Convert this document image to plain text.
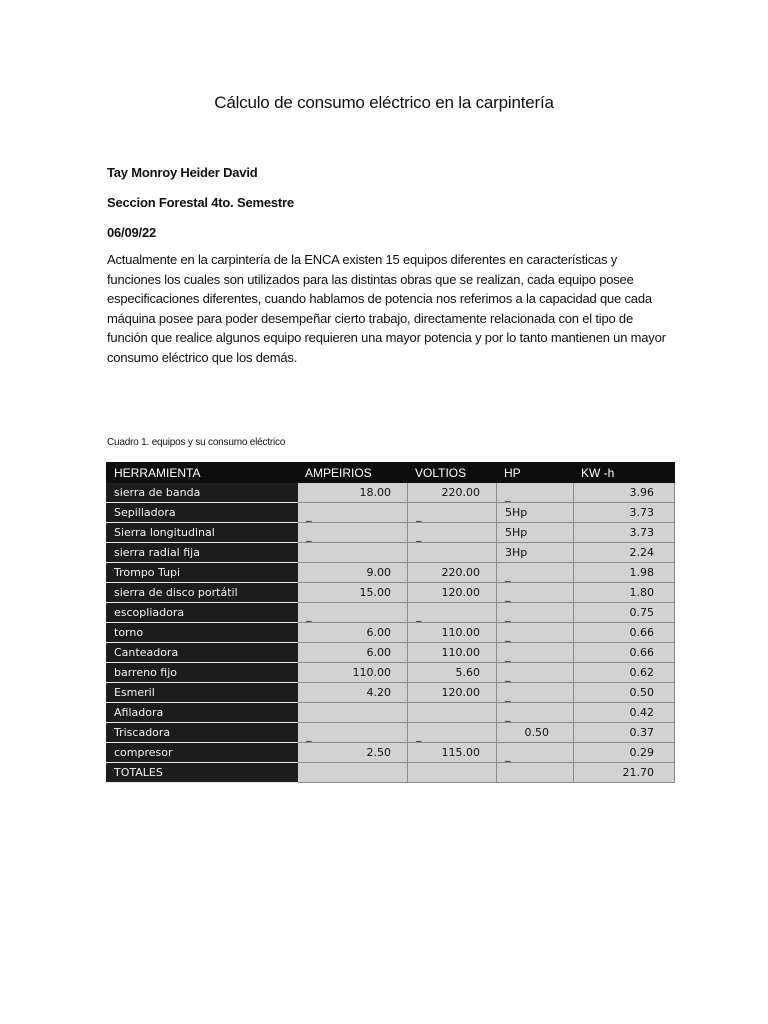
Cálculo de consumo eléctrico en la carpintería
Tay Monroy Heider David
Seccion Forestal 4to. Semestre
06/09/22

Actualmente en la carpintería de la ENCA existen 15 equipos diferentes en características y funciones los cuales son utilizados para las distintas obras que se realizan, cada equipo posee especificaciones diferentes, cuando hablamos de potencia nos referimos a la capacidad que cada máquina posee para poder desempeñar cierto trabajo, directamente relacionada con el tipo de función que realice algunos equipo requieren una mayor potencia y por lo tanto mantienen un mayor consumo eléctrico que los demás.

Cuadro 1. equipos y su consumo eléctrico
HERRAMIENTA	AMPEIRIOS	VOLTIOS	HP	KW -h
sierra de banda	18.00	220.00	_	3.96
Sepilladora	_	_	5Hp	3.73
Sierra longitudinal	_	_	5Hp	3.73
sierra radial fija			3Hp	2.24
Trompo Tupi	9.00	220.00	_	1.98
sierra de disco portátil	15.00	120.00	_	1.80
escopliadora	_	_	_	0.75
torno	6.00	110.00	_	0.66
Canteadora	6.00	110.00	_	0.66
barreno fijo	110.00	5.60	_	0.62
Esmeril	4.20	120.00	_	0.50
Afiladora			_	0.42
Triscadora	_	_	0.50	0.37
compresor	2.50	115.00	_	0.29
TOTALES				21.70
